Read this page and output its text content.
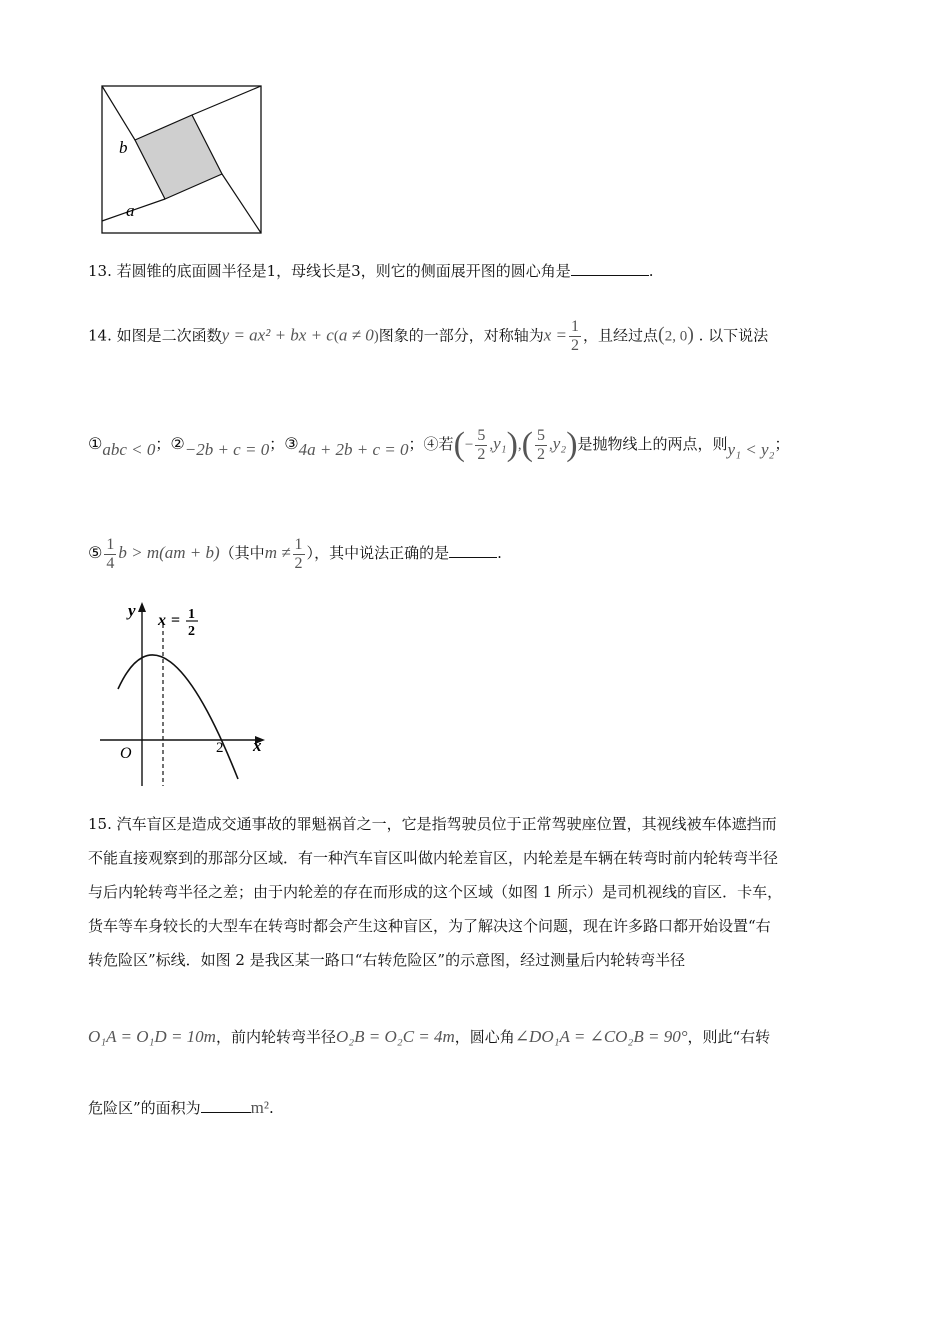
b
a
13. 若圆锥的底面圆半径是1，母线长是3，则它的侧面展开图的圆心角是	.
14. 如图是二次函数y = ax² + bx + c(a ≠ 0)图象的一部分，对称轴为$x = \frac{1}{2}$ ，且经过点(2, 0) . 以下说法
①abc < 0；②−2b + c = 0；③4a + 2b + c = 0；④若(− $\frac{5}{2} ,y_1),( \frac{5}{2} ,y_2)$是抛物线上的两点，则y₁ < y₂；
⑤ $\frac{1}{4}$ b > m(am + b)（其中$m \ne \frac{1}{2}$ ），其中说法正确的是	.
y
x
O	2
x = 1
2
15. 汽车盲区是造成交通事故的罪魁祸首之一，它是指驾驶员位于正常驾驶座位置，其视线被车体遮挡而
不能直接观察到的那部分区域．有一种汽车盲区叫做内轮差盲区，内轮差是车辆在转弯时前内轮转弯半径
与后内轮转弯半径之差；由于内轮差的存在而形成的这个区域（如图 1 所示）是司机视线的盲区．卡车，
货车等车身较长的大型车在转弯时都会产生这种盲区，为了解决这个问题，现在许多路口都开始设置“右
转危险区”标线．如图 2 是我区某一路口“右转危险区”的示意图，经过测量后内轮转弯半径
O₁A = O₁D = 10m，前内轮转弯半径O₂B = O₂C = 4m，圆心角∠DO₁A = ∠CO₂B = 90°，则此“右转
危险区”的面积为	m².
